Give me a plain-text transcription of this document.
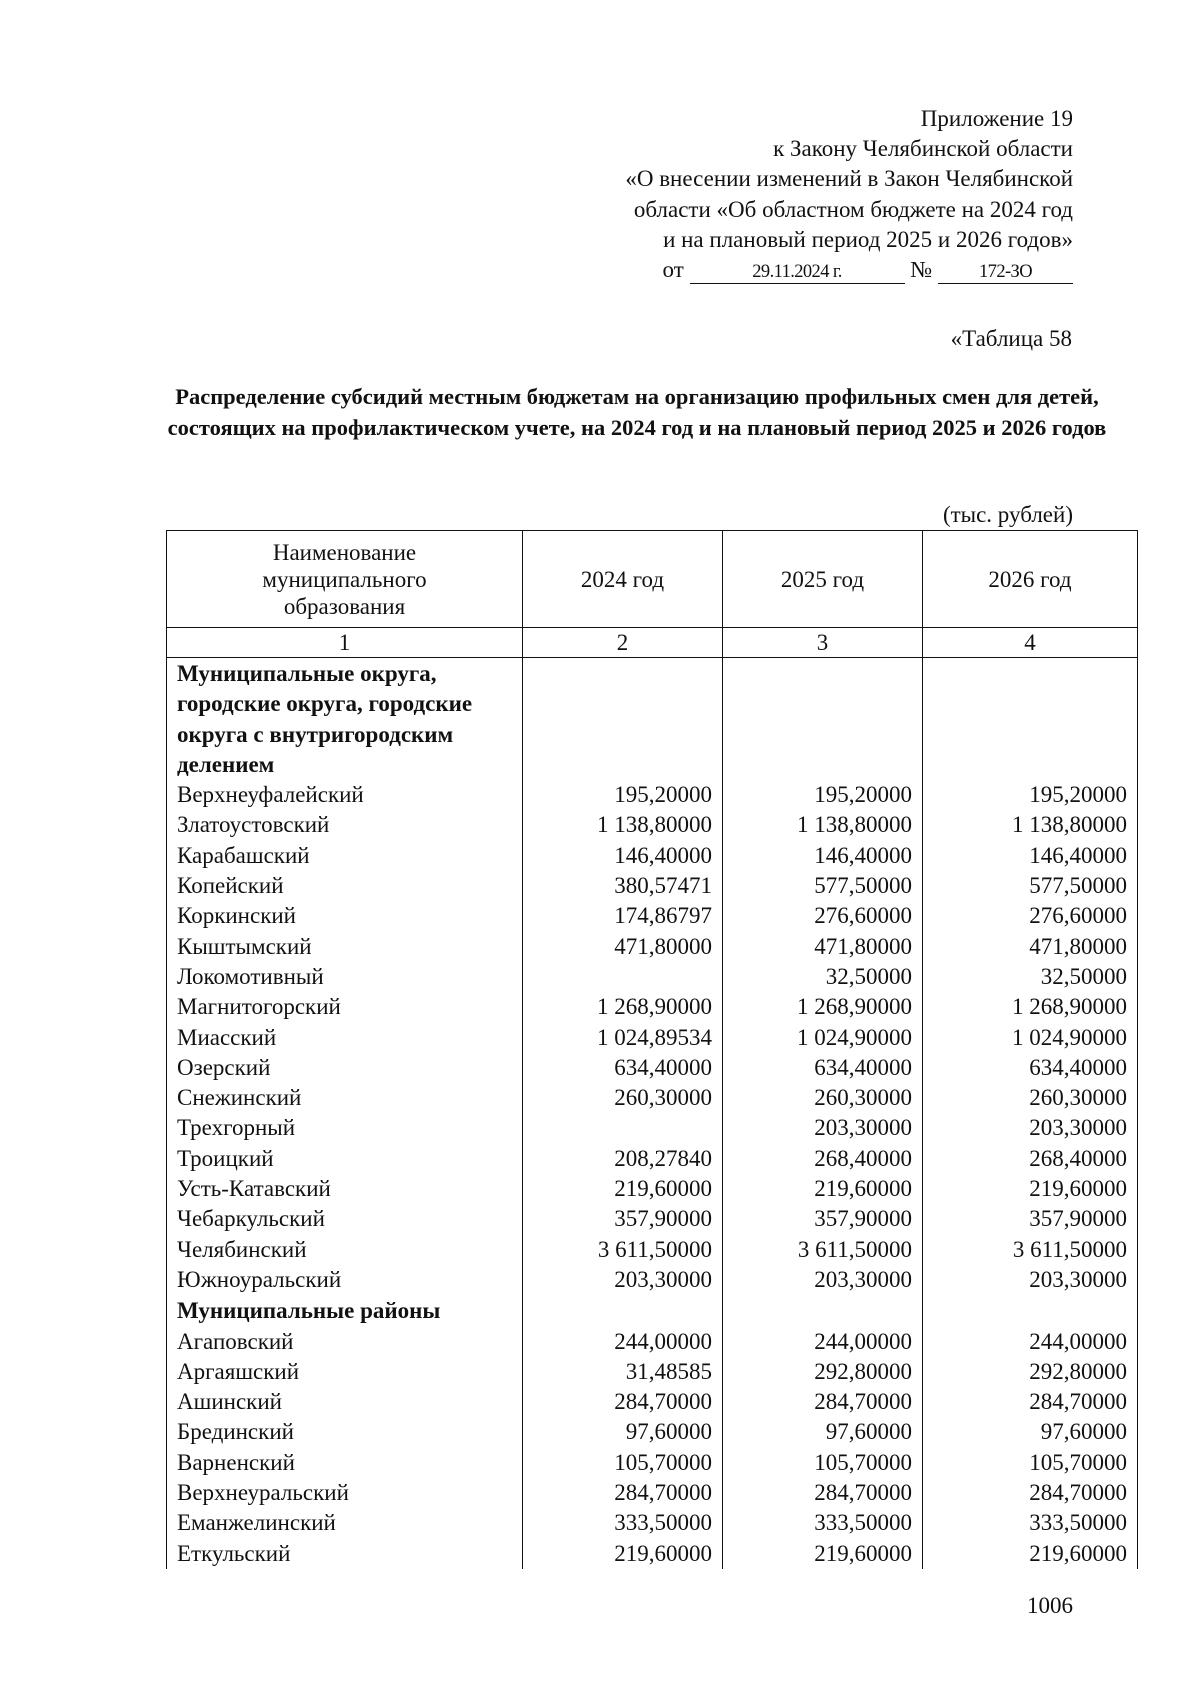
Приложение 19
к Закону Челябинской области
«О внесении изменений в Закон Челябинской
области «Об областном бюджете на 2024 год
и на плановый период 2025 и 2026 годов»
от	29.11.2024 г.	№	172-ЗО
«Таблица 58
Распределение субсидий местным бюджетам на организацию профильных смен для детей, состоящих на профилактическом учете, на 2024 год и на плановый период 2025 и 2026 годов
(тыс. рублей)
Наименование муниципального образования	2024 год	2025 год	2026 год
1	2	3	4
Муниципальные округа, городские округа, городские округа с внутригородским делением			
Верхнеуфалейский	195,20000	195,20000	195,20000
Златоустовский	1 138,80000	1 138,80000	1 138,80000
Карабашский	146,40000	146,40000	146,40000
Копейский	380,57471	577,50000	577,50000
Коркинский	174,86797	276,60000	276,60000
Кыштымский	471,80000	471,80000	471,80000
Локомотивный		32,50000	32,50000
Магнитогорский	1 268,90000	1 268,90000	1 268,90000
Миасский	1 024,89534	1 024,90000	1 024,90000
Озерский	634,40000	634,40000	634,40000
Снежинский	260,30000	260,30000	260,30000
Трехгорный		203,30000	203,30000
Троицкий	208,27840	268,40000	268,40000
Усть-Катавский	219,60000	219,60000	219,60000
Чебаркульский	357,90000	357,90000	357,90000
Челябинский	3 611,50000	3 611,50000	3 611,50000
Южноуральский	203,30000	203,30000	203,30000
Муниципальные районы			
Агаповский	244,00000	244,00000	244,00000
Аргаяшский	31,48585	292,80000	292,80000
Ашинский	284,70000	284,70000	284,70000
Брединский	97,60000	97,60000	97,60000
Варненский	105,70000	105,70000	105,70000
Верхнеуральский	284,70000	284,70000	284,70000
Еманжелинский	333,50000	333,50000	333,50000
Еткульский	219,60000	219,60000	219,60000
1006
